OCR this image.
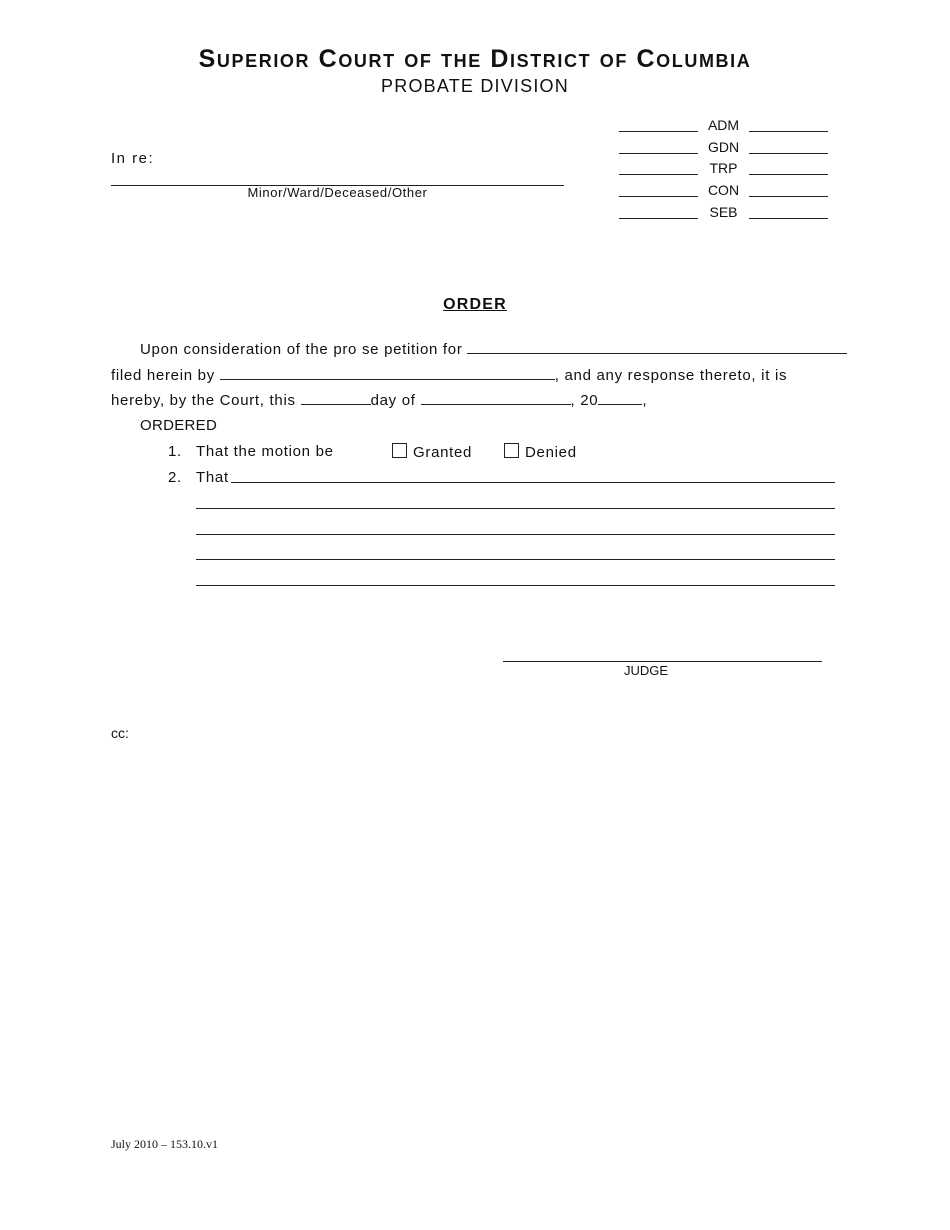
Superior Court of the District of Columbia
PROBATE DIVISION
In re:
Minor/Ward/Deceased/Other
ADM
GDN
TRP
CON
SEB
ORDER
Upon consideration of the pro se petition for
filed herein by	, and any response thereto, it is
hereby, by the Court, this	day of	, 20	,
ORDERED
1. That the motion be	Granted	Denied
2. That
JUDGE
cc:
July 2010 – 153.10.v1
